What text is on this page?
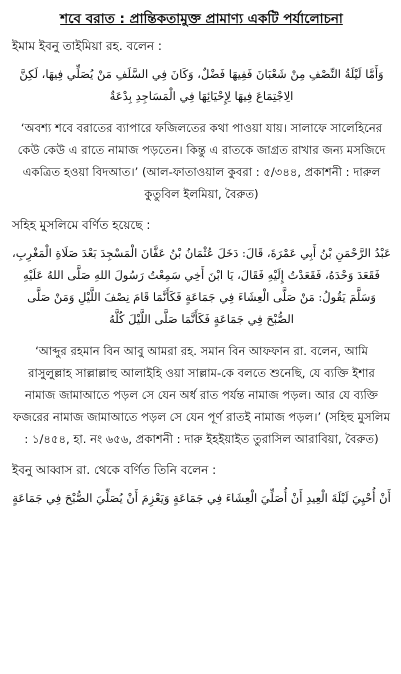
শবে বরাত : প্রান্তিকতামুক্ত প্রামাণ্য একটি পর্যালোচনা
ইমাম ইবনু তাইমিয়া রহ. বলেন :
وَأَمَّا لَيْلَةُ النِّصْفِ مِنْ شَعْبَانَ فَفِيهَا فَضْلٌ، وَكَانَ فِي السَّلَفِ مَنْ يُصَلِّي فِيهَا، لَكِنَّ الِاجْتِمَاعَ فِيهَا لِإِحْيَائِهَا فِي الْمَسَاجِدِ بِدْعَةٌ
‘অবশ্য শবে বরাতের ব্যাপারে ফজিলতের কথা পাওয়া যায়। সালাফে সালেহিনের কেউ কেউ এ রাতে নামাজ পড়তেন। কিন্তু এ রাতকে জাগ্রত রাখার জন্য মসজিদে একত্রিত হওয়া বিদআত।’ (আল-ফাতাওয়াল কুবরা : ৫/৩৪৪, প্রকাশনী : দারুল কুতুবিল ইলমিয়া, বৈরুত)
সহিহ মুসলিমে বর্ণিত হয়েছে :
عَبْدُ الرَّحْمَنِ بْنُ أَبِي عَمْرَةَ، قَالَ: دَخَلَ عُثْمَانُ بْنُ عَفَّانَ الْمَسْجِدَ بَعْدَ صَلَاةِ الْمَغْرِبِ، فَقَعَدَ وَحْدَهُ، فَقَعَدْتُ إِلَيْهِ فَقَالَ، يَا ابْنَ أَخِي سَمِعْتُ رَسُولَ اللهِ صَلَّى اللهُ عَلَيْهِ وَسَلَّمَ يَقُولُ: مَنْ صَلَّى الْعِشَاءَ فِي جَمَاعَةٍ فَكَأَنَّمَا قَامَ نِصْفَ اللَّيْلِ وَمَنْ صَلَّى الصُّبْحَ فِي جَمَاعَةٍ فَكَأَنَّمَا صَلَّى اللَّيْلَ كُلَّهُ
‘আব্দুর রহমান বিন আবু আমরা রহ. সমান বিন আফফান রা. বলেন, আমি রাসুলুল্লাহ সাল্লাল্লাহু আলাইহি ওয়া সাল্লাম-কে বলতে শুনেছি, যে ব্যক্তি ইশার নামাজ জামাআতে পড়ল সে যেন অর্ধ রাত পর্যন্ত নামাজ পড়ল। আর যে ব্যক্তি ফজরের নামাজ জামাআতে পড়ল সে যেন পূর্ণ রাতই নামাজ পড়ল।’ (সহিহু মুসলিম : ১/৪৫৪, হা. নং ৬৫৬, প্রকাশনী : দারু ইহইয়াইত তুরাসিল আরাবিয়া, বৈরুত)
ইবনু আব্বাস রা. থেকে বর্ণিত তিনি বলেন :
أَنْ أُحْيِيَ لَيْلَةَ الْعِيدِ أَنْ أُصَلِّيَ الْعِشَاءَ فِي جَمَاعَةٍ وَيَعْزِمَ أَنْ يُصَلِّيَ الصُّبْحَ فِي جَمَاعَةٍ
